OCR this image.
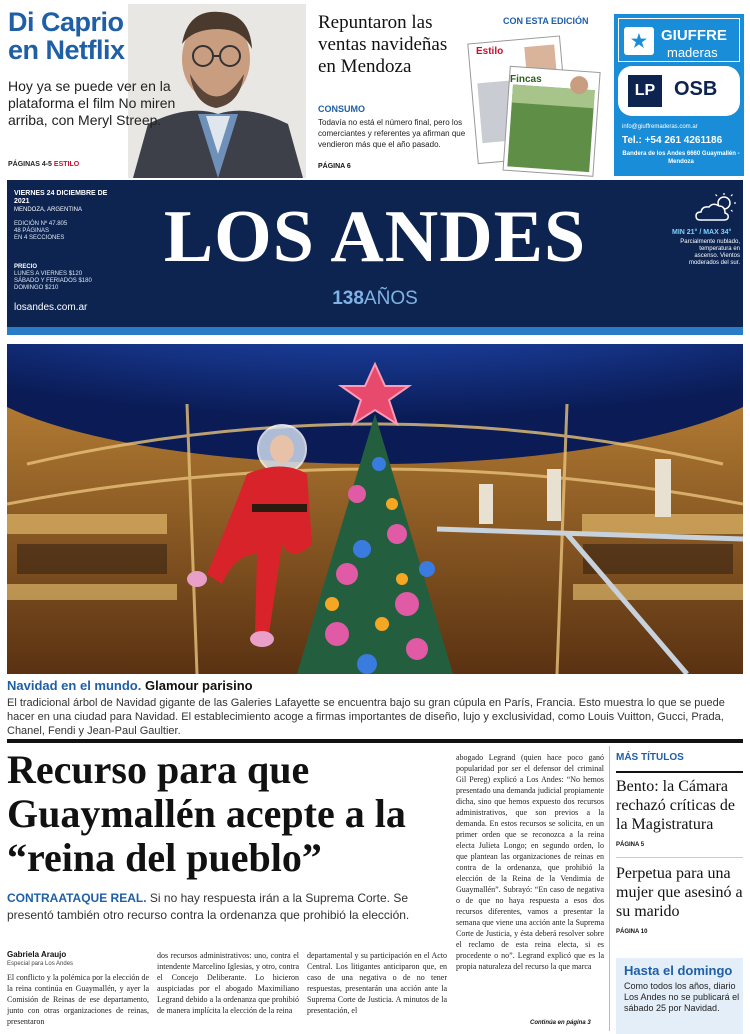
Di Caprio en Netflix
Hoy ya se puede ver en la plataforma el film No miren arriba, con Meryl Streep.
PÁGINAS 4-5 ESTILO
Repuntaron las ventas navideñas en Mendoza
CONSUMO
Todavía no está el número final, pero los comerciantes y referentes ya afirman que vendieron más que el año pasado.
PÁGINA 6
CON ESTA EDICIÓN
Estilo
Fincas
★ GIUFFRE
maderas
LP OSB
info@giuffremaderas.com.ar
Tel.: +54 261 4261186
Bandera de los Andes 6660 Guaymallén - Mendoza
VIERNES 24 DICIEMBRE DE 2021
MENDOZA, ARGENTINA
EDICIÓN Nº 47.805
48 PÁGINAS
EN 4 SECCIONES
PRECIO
LUNES A VIERNES $120
SÁBADO Y FERIADOS $180
DOMINGO $210
losandes.com.ar
LOS ANDES
138AÑOS
MIN 21° / MAX 34°
Parcialmente nublado, temperatura en ascenso. Vientos moderados del sur.
Navidad en el mundo. Glamour parisino
El tradicional árbol de Navidad gigante de las Galeries Lafayette se encuentra bajo su gran cúpula en París, Francia. Esto muestra lo que se puede hacer en una ciudad para Navidad. El establecimiento acoge a firmas importantes de diseño, lujo y exclusividad, como Louis Vuitton, Gucci, Prada, Chanel, Fendi y Jean-Paul Gaultier.
Recurso para que Guaymallén acepte a la “reina del pueblo”
CONTRAATAQUE REAL. Si no hay respuesta irán a la Suprema Corte. Se presentó también otro recurso contra la ordenanza que prohibió la elección.
Gabriela Araujo
Especial para Los Andes
El conflicto y la polémica por la elección de la reina continúa en Guaymallén, y ayer la Comisión de Reinas de ese departamento, junto con otras organizaciones de reinas, presentaron
dos recursos administrativos: uno, contra el intendente Marcelino Iglesias, y otro, contra el Concejo Deliberante. Lo hicieron auspiciadas por el abogado Maximiliano Legrand debido a la ordenanza que prohibió de manera implícita la elección de la reina
departamental y su participación en el Acto Central. Los litigantes anticiparon que, en caso de una negativa o de no tener respuestas, presentarán una acción ante la Suprema Corte de Justicia. A minutos de la presentación, el
abogado Legrand (quien hace poco ganó popularidad por ser el defensor del criminal Gil Pereg) explicó a Los Andes: “No hemos presentado una demanda judicial propiamente dicha, sino que hemos expuesto dos recursos administrativos, que son previos a la demanda. En estos recursos se solicita, en un primer orden que se reconozca a la reina electa Julieta Longo; en segundo orden, lo que plantean las organizaciones de reinas en contra de la ordenanza, que prohibió la elección de la Reina de la Vendimia de Guaymallén”. Subrayó: “En caso de negativa o de que no haya respuesta a esos dos recursos diferentes, vamos a presentar la semana que viene una acción ante la Suprema Corte de Justicia, y ésta deberá resolver sobre el reclamo de esta reina electa, si es procedente o no”. Legrand explicó que es la propia naturaleza del recurso la que marca
Continúa en página 3
MÁS TÍTULOS
Bento: la Cámara rechazó críticas de la Magistratura
PÁGINA 5
Perpetua para una mujer que asesinó a su marido
PÁGINA 10
Hasta el domingo
Como todos los años, diario Los Andes no se publicará el sábado 25 por Navidad.
